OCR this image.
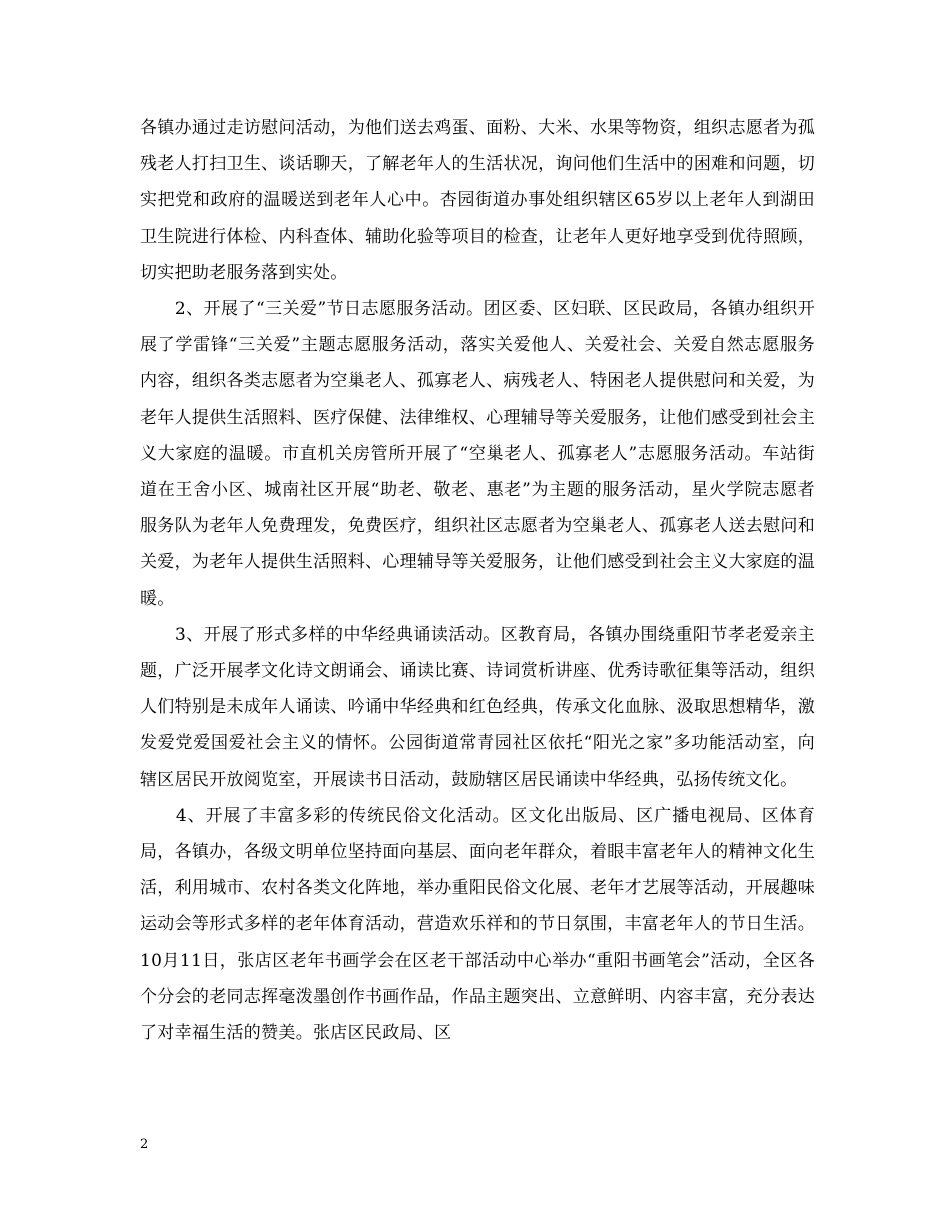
各镇办通过走访慰问活动，为他们送去鸡蛋、面粉、大米、水果等物资，组织志愿者为孤残老人打扫卫生、谈话聊天，了解老年人的生活状况，询问他们生活中的困难和问题，切实把党和政府的温暖送到老年人心中。杏园街道办事处组织辖区65岁以上老年人到湖田卫生院进行体检、内科查体、辅助化验等项目的检查，让老年人更好地享受到优待照顾，切实把助老服务落到实处。

　　2、开展了“三关爱”节日志愿服务活动。团区委、区妇联、区民政局，各镇办组织开展了学雷锋“三关爱”主题志愿服务活动，落实关爱他人、关爱社会、关爱自然志愿服务内容，组织各类志愿者为空巢老人、孤寡老人、病残老人、特困老人提供慰问和关爱，为老年人提供生活照料、医疗保健、法律维权、心理辅导等关爱服务，让他们感受到社会主义大家庭的温暖。市直机关房管所开展了“空巢老人、孤寡老人”志愿服务活动。车站街道在王舍小区、城南社区开展“助老、敬老、惠老”为主题的服务活动，星火学院志愿者服务队为老年人免费理发，免费医疗，组织社区志愿者为空巢老人、孤寡老人送去慰问和关爱，为老年人提供生活照料、心理辅导等关爱服务，让他们感受到社会主义大家庭的温暖。

　　3、开展了形式多样的中华经典诵读活动。区教育局，各镇办围绕重阳节孝老爱亲主题，广泛开展孝文化诗文朗诵会、诵读比赛、诗词赏析讲座、优秀诗歌征集等活动，组织人们特别是未成年人诵读、吟诵中华经典和红色经典，传承文化血脉、汲取思想精华，激发爱党爱国爱社会主义的情怀。公园街道常青园社区依托“阳光之家”多功能活动室，向辖区居民开放阅览室，开展读书日活动，鼓励辖区居民诵读中华经典，弘扬传统文化。

　　4、开展了丰富多彩的传统民俗文化活动。区文化出版局、区广播电视局、区体育局，各镇办，各级文明单位坚持面向基层、面向老年群众，着眼丰富老年人的精神文化生活，利用城市、农村各类文化阵地，举办重阳民俗文化展、老年才艺展等活动，开展趣味运动会等形式多样的老年体育活动，营造欢乐祥和的节日氛围，丰富老年人的节日生活。10月11日，张店区老年书画学会在区老干部活动中心举办“重阳书画笔会”活动，全区各个分会的老同志挥毫泼墨创作书画作品，作品主题突出、立意鲜明、内容丰富，充分表达了对幸福生活的赞美。张店区民政局、区

2
